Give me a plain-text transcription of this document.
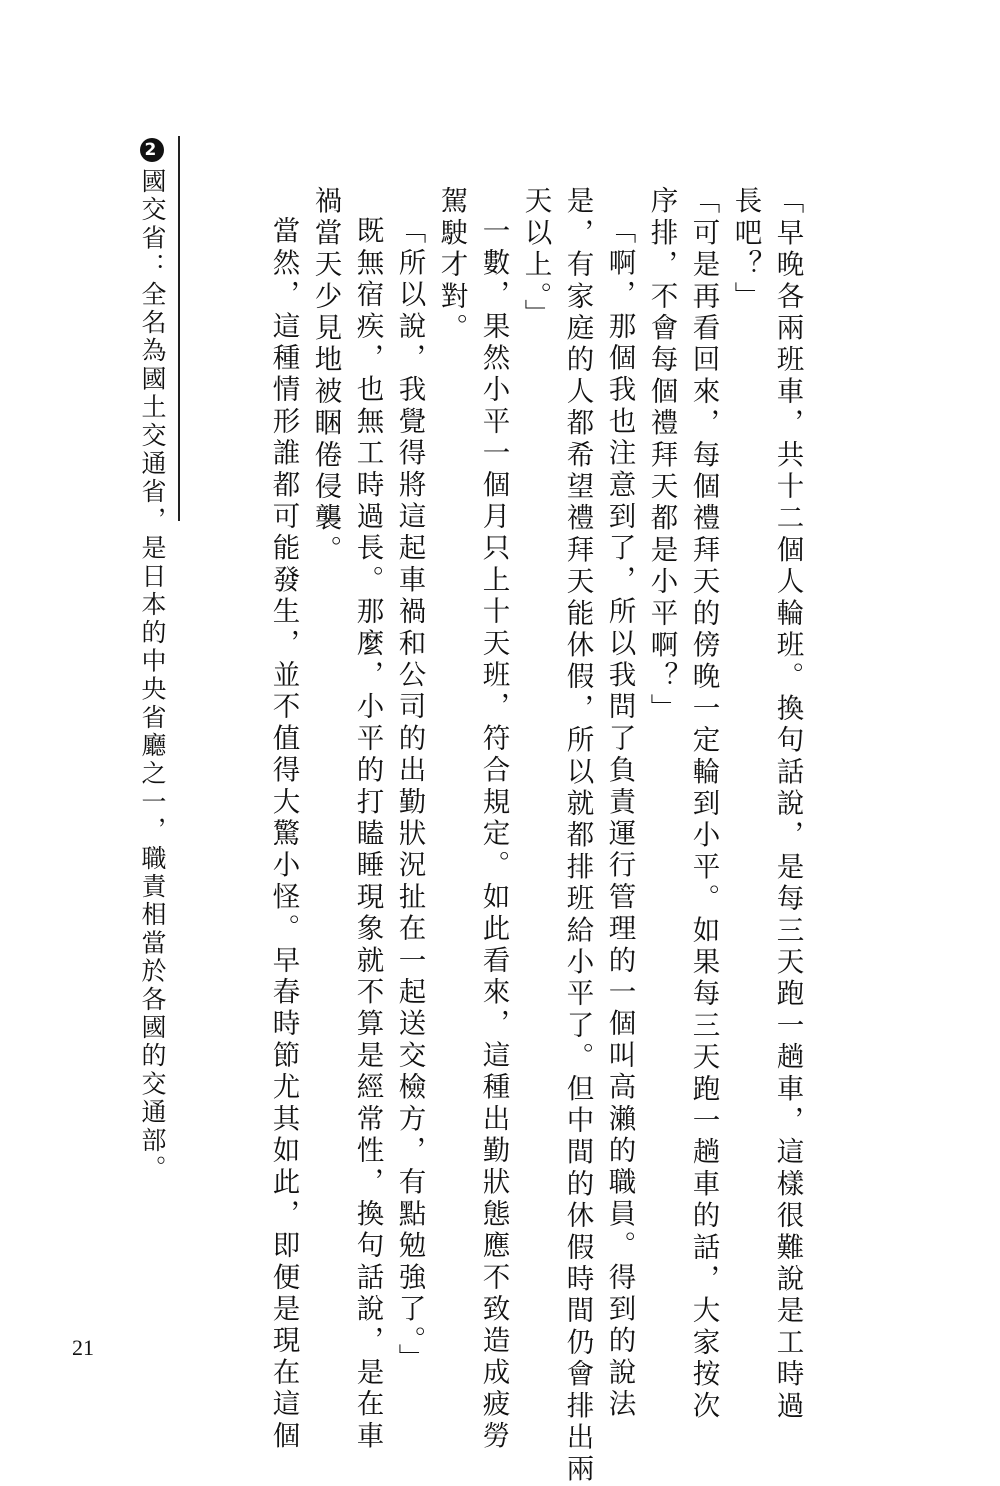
「早晚各兩班車，共十二個人輪班。換句話說，是每三天跑一趟車，這樣很難說是工時過
長吧？」
「可是再看回來，每個禮拜天的傍晚一定輪到小平。如果每三天跑一趟車的話，大家按次
序排，不會每個禮拜天都是小平啊？」
「啊，那個我也注意到了，所以我問了負責運行管理的一個叫高瀨的職員。得到的說法
是，有家庭的人都希望禮拜天能休假，所以就都排班給小平了。但中間的休假時間仍會排出兩
天以上。」
一數，果然小平一個月只上十天班，符合規定。如此看來，這種出勤狀態應不致造成疲勞
駕駛才對。
「所以說，我覺得將這起車禍和公司的出勤狀況扯在一起送交檢方，有點勉強了。」
既無宿疾，也無工時過長。那麼，小平的打瞌睡現象就不算是經常性，換句話說，是在車
禍當天少見地被睏倦侵襲。
當然，這種情形誰都可能發生，並不值得大驚小怪。早春時節尤其如此，即便是現在這個
2國交省：全名為國土交通省，是日本的中央省廳之一，職責相當於各國的交通部。
21
